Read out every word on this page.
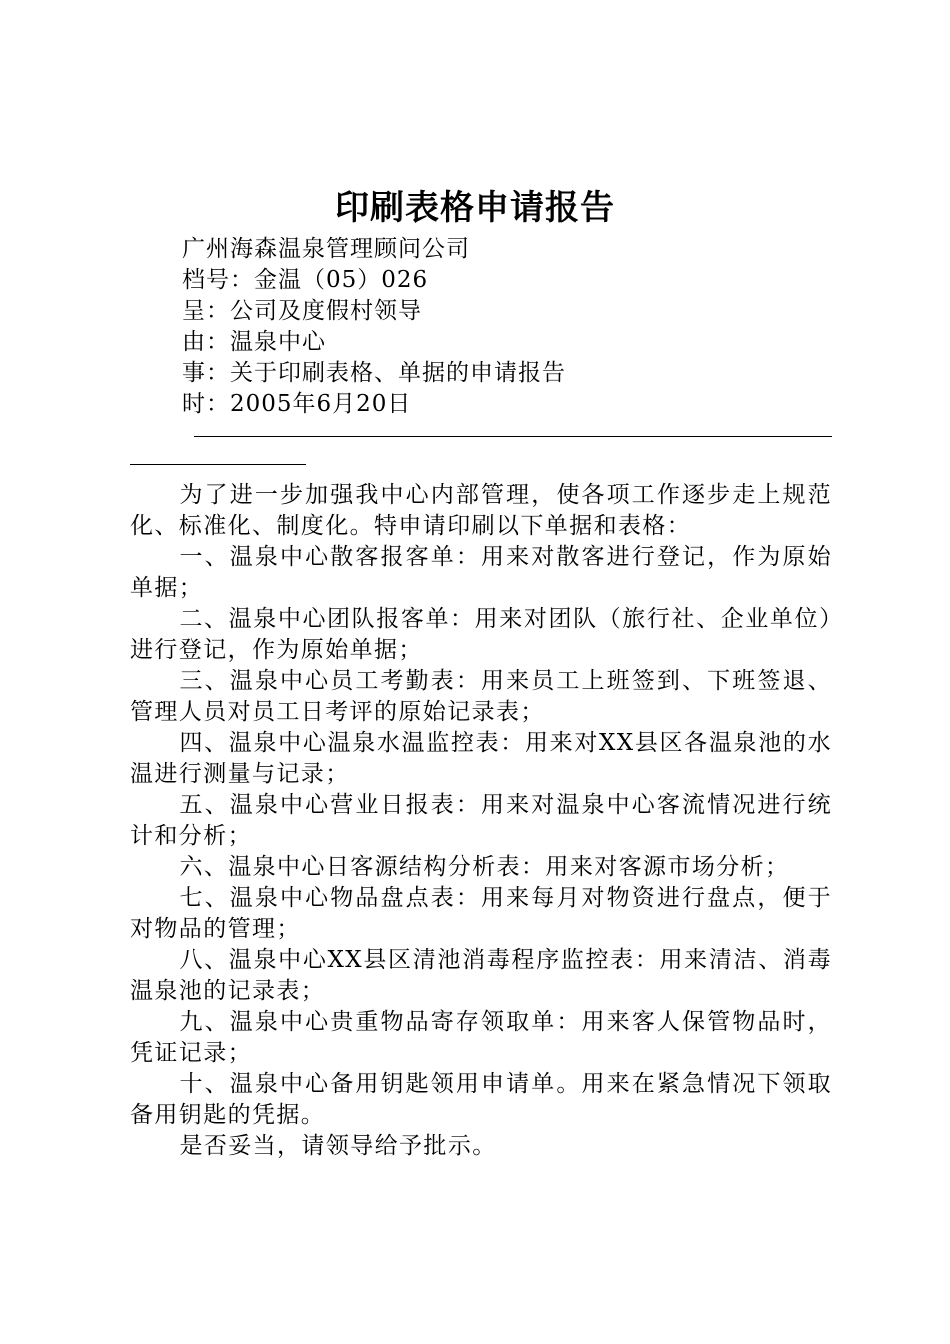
印刷表格申请报告
广州海森温泉管理顾问公司
档号：金温（05）026
呈：公司及度假村领导
由：温泉中心
事：关于印刷表格、单据的申请报告
时：2005年6月20日

为了进一步加强我中心内部管理，使各项工作逐步走上规范化、标准化、制度化。特申请印刷以下单据和表格：

一、温泉中心散客报客单：用来对散客进行登记，作为原始单据；

二、温泉中心团队报客单：用来对团队（旅行社、企业单位）进行登记，作为原始单据；

三、温泉中心员工考勤表：用来员工上班签到、下班签退、管理人员对员工日考评的原始记录表；

四、温泉中心温泉水温监控表：用来对XX县区各温泉池的水温进行测量与记录；

五、温泉中心营业日报表：用来对温泉中心客流情况进行统计和分析；

六、温泉中心日客源结构分析表：用来对客源市场分析；

七、温泉中心物品盘点表：用来每月对物资进行盘点，便于对物品的管理；

八、温泉中心XX县区清池消毒程序监控表：用来清洁、消毒温泉池的记录表；

九、温泉中心贵重物品寄存领取单：用来客人保管物品时，凭证记录；

十、温泉中心备用钥匙领用申请单。用来在紧急情况下领取备用钥匙的凭据。

是否妥当，请领导给予批示。
